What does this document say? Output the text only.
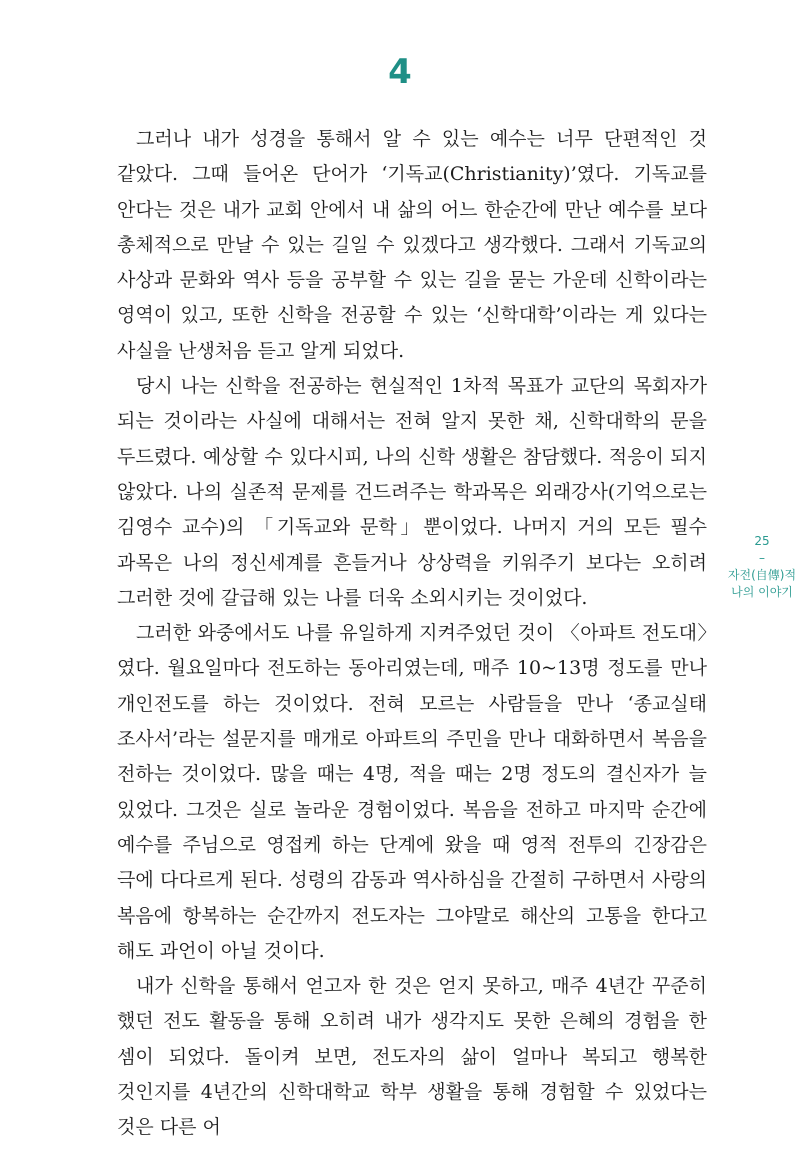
4

그러나 내가 성경을 통해서 알 수 있는 예수는 너무 단편적인 것 같았다. 그때 들어온 단어가 ‘기독교(Christianity)’였다. 기독교를 안다는 것은 내가 교회 안에서 내 삶의 어느 한순간에 만난 예수를 보다 총체적으로 만날 수 있는 길일 수 있겠다고 생각했다. 그래서 기독교의 사상과 문화와 역사 등을 공부할 수 있는 길을 묻는 가운데 신학이라는 영역이 있고, 또한 신학을 전공할 수 있는 ‘신학대학’이라는 게 있다는 사실을 난생처음 듣고 알게 되었다.

당시 나는 신학을 전공하는 현실적인 1차적 목표가 교단의 목회자가 되는 것이라는 사실에 대해서는 전혀 알지 못한 채, 신학대학의 문을 두드렸다. 예상할 수 있다시피, 나의 신학 생활은 참담했다. 적응이 되지 않았다. 나의 실존적 문제를 건드려주는 학과목은 외래강사(기억으로는 김영수 교수)의 「기독교와 문학」뿐이었다. 나머지 거의 모든 필수 과목은 나의 정신세계를 흔들거나 상상력을 키워주기 보다는 오히려 그러한 것에 갈급해 있는 나를 더욱 소외시키는 것이었다.

그러한 와중에서도 나를 유일하게 지켜주었던 것이 〈아파트 전도대〉였다. 월요일마다 전도하는 동아리였는데, 매주 10~13명 정도를 만나 개인전도를 하는 것이었다. 전혀 모르는 사람들을 만나 ‘종교실태 조사서’라는 설문지를 매개로 아파트의 주민을 만나 대화하면서 복음을 전하는 것이었다. 많을 때는 4명, 적을 때는 2명 정도의 결신자가 늘 있었다. 그것은 실로 놀라운 경험이었다. 복음을 전하고 마지막 순간에 예수를 주님으로 영접케 하는 단계에 왔을 때 영적 전투의 긴장감은 극에 다다르게 된다. 성령의 감동과 역사하심을 간절히 구하면서 사랑의 복음에 항복하는 순간까지 전도자는 그야말로 해산의 고통을 한다고 해도 과언이 아닐 것이다.

내가 신학을 통해서 얻고자 한 것은 얻지 못하고, 매주 4년간 꾸준히 했던 전도 활동을 통해 오히려 내가 생각지도 못한 은혜의 경험을 한 셈이 되었다. 돌이켜 보면, 전도자의 삶이 얼마나 복되고 행복한 것인지를 4년간의 신학대학교 학부 생활을 통해 경험할 수 있었다는 것은 다른 어

25
–
자전(自傳)적
나의 이야기
